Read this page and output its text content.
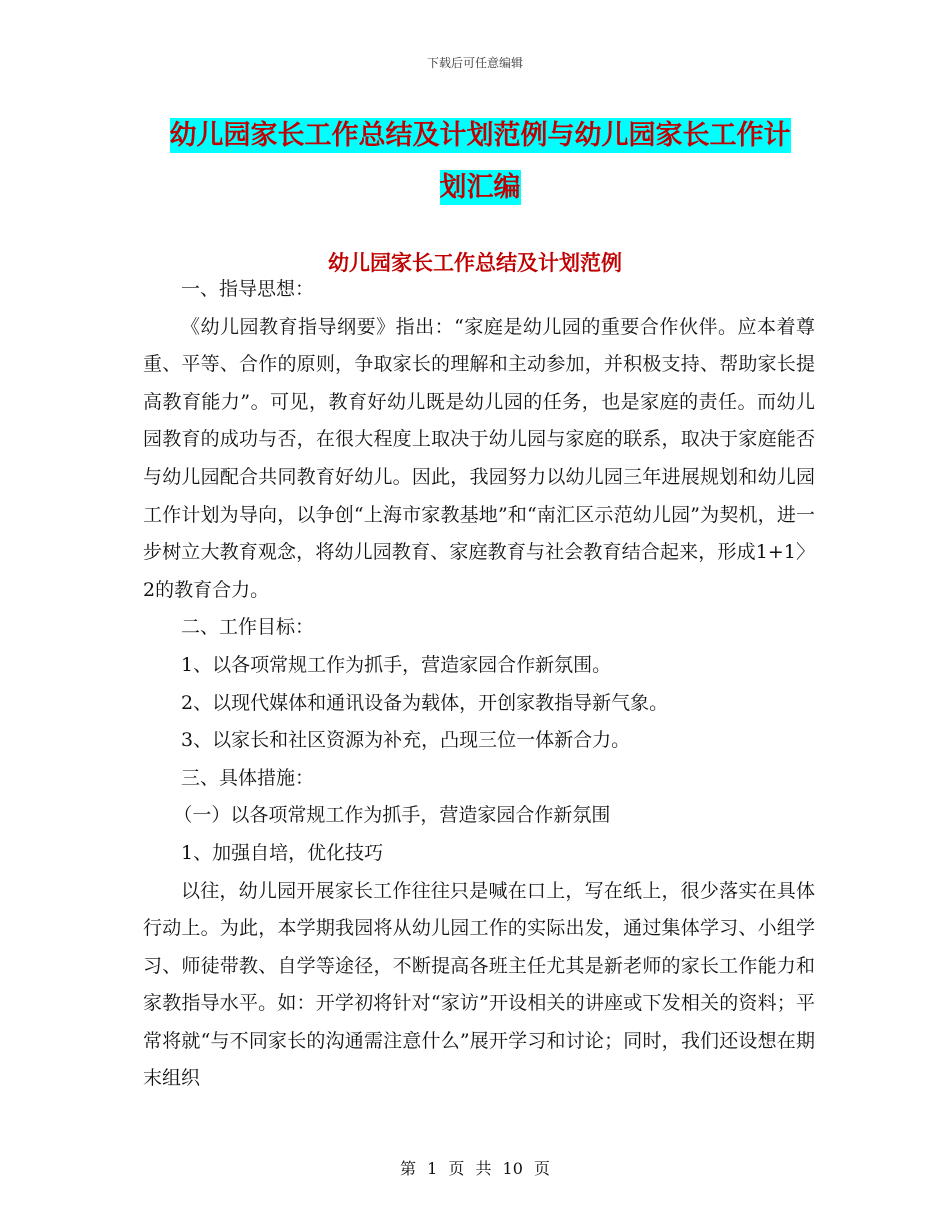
下载后可任意编辑
幼儿园家长工作总结及计划范例与幼儿园家长工作计
划汇编
幼儿园家长工作总结及计划范例

一、指导思想：

《幼儿园教育指导纲要》指出：“家庭是幼儿园的重要合作伙伴。应本着尊重、平等、合作的原则，争取家长的理解和主动参加，并积极支持、帮助家长提高教育能力”。可见，教育好幼儿既是幼儿园的任务，也是家庭的责任。而幼儿园教育的成功与否，在很大程度上取决于幼儿园与家庭的联系，取决于家庭能否与幼儿园配合共同教育好幼儿。因此，我园努力以幼儿园三年进展规划和幼儿园工作计划为导向，以争创“上海市家教基地”和“南汇区示范幼儿园”为契机，进一步树立大教育观念，将幼儿园教育、家庭教育与社会教育结合起来，形成1+1〉2的教育合力。

二、工作目标：

1、以各项常规工作为抓手，营造家园合作新氛围。

2、以现代媒体和通讯设备为载体，开创家教指导新气象。

3、以家长和社区资源为补充，凸现三位一体新合力。

三、具体措施：

（一）以各项常规工作为抓手，营造家园合作新氛围

1、加强自培，优化技巧

以往，幼儿园开展家长工作往往只是喊在口上，写在纸上，很少落实在具体行动上。为此，本学期我园将从幼儿园工作的实际出发，通过集体学习、小组学习、师徒带教、自学等途径，不断提高各班主任尤其是新老师的家长工作能力和家教指导水平。如：开学初将针对“家访”开设相关的讲座或下发相关的资料；平常将就“与不同家长的沟通需注意什么”展开学习和讨论；同时，我们还设想在期末组织

第 1 页 共 10 页
